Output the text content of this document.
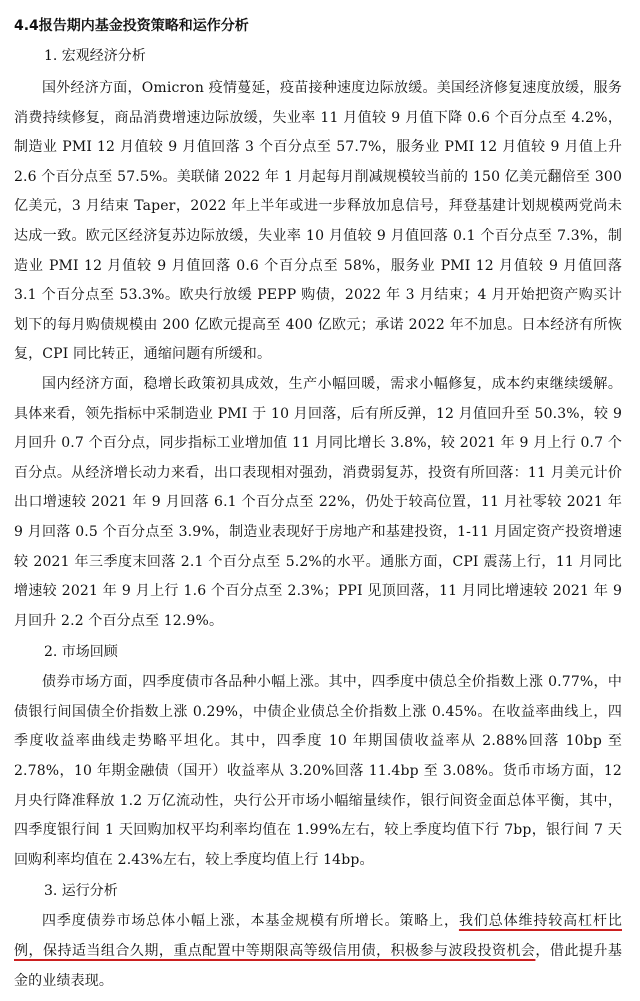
4.4报告期内基金投资策略和运作分析
1. 宏观经济分析

国外经济方面，Omicron 疫情蔓延，疫苗接种速度边际放缓。美国经济修复速度放缓，服务消费持续修复，商品消费增速边际放缓，失业率 11 月值较 9 月值下降 0.6 个百分点至 4.2%，制造业 PMI 12 月值较 9 月值回落 3 个百分点至 57.7%，服务业 PMI 12 月值较 9 月值上升 2.6 个百分点至 57.5%。美联储 2022 年 1 月起每月削减规模较当前的 150 亿美元翻倍至 300 亿美元，3 月结束 Taper，2022 年上半年或进一步释放加息信号，拜登基建计划规模两党尚未达成一致。欧元区经济复苏边际放缓，失业率 10 月值较 9 月值回落 0.1 个百分点至 7.3%，制造业 PMI 12 月值较 9 月值回落 0.6 个百分点至 58%，服务业 PMI 12 月值较 9 月值回落 3.1 个百分点至 53.3%。欧央行放缓 PEPP 购债，2022 年 3 月结束；4 月开始把资产购买计划下的每月购债规模由 200 亿欧元提高至 400 亿欧元；承诺 2022 年不加息。日本经济有所恢复，CPI 同比转正，通缩问题有所缓和。

国内经济方面，稳增长政策初具成效，生产小幅回暖，需求小幅修复，成本约束继续缓解。具体来看，领先指标中采制造业 PMI 于 10 月回落，后有所反弹，12 月值回升至 50.3%，较 9 月回升 0.7 个百分点，同步指标工业增加值 11 月同比增长 3.8%，较 2021 年 9 月上行 0.7 个百分点。从经济增长动力来看，出口表现相对强劲，消费弱复苏，投资有所回落：11 月美元计价出口增速较 2021 年 9 月回落 6.1 个百分点至 22%，仍处于较高位置，11 月社零较 2021 年 9 月回落 0.5 个百分点至 3.9%，制造业表现好于房地产和基建投资，1-11 月固定资产投资增速较 2021 年三季度末回落 2.1 个百分点至 5.2%的水平。通胀方面，CPI 震荡上行，11 月同比增速较 2021 年 9 月上行 1.6 个百分点至 2.3%；PPI 见顶回落，11 月同比增速较 2021 年 9 月回升 2.2 个百分点至 12.9%。

2. 市场回顾

债券市场方面，四季度债市各品种小幅上涨。其中，四季度中债总全价指数上涨 0.77%，中债银行间国债全价指数上涨 0.29%，中债企业债总全价指数上涨 0.45%。在收益率曲线上，四季度收益率曲线走势略平坦化。其中，四季度 10 年期国债收益率从 2.88%回落 10bp 至 2.78%，10 年期金融债（国开）收益率从 3.20%回落 11.4bp 至 3.08%。货币市场方面，12 月央行降准释放 1.2 万亿流动性，央行公开市场小幅缩量续作，银行间资金面总体平衡，其中，四季度银行间 1 天回购加权平均利率均值在 1.99%左右，较上季度均值下行 7bp，银行间 7 天回购利率均值在 2.43%左右，较上季度均值上行 14bp。

3. 运行分析

四季度债券市场总体小幅上涨，本基金规模有所增长。策略上，我们总体维持较高杠杆比例，保持适当组合久期，重点配置中等期限高等级信用债，积极参与波段投资机会，借此提升基金的业绩表现。
